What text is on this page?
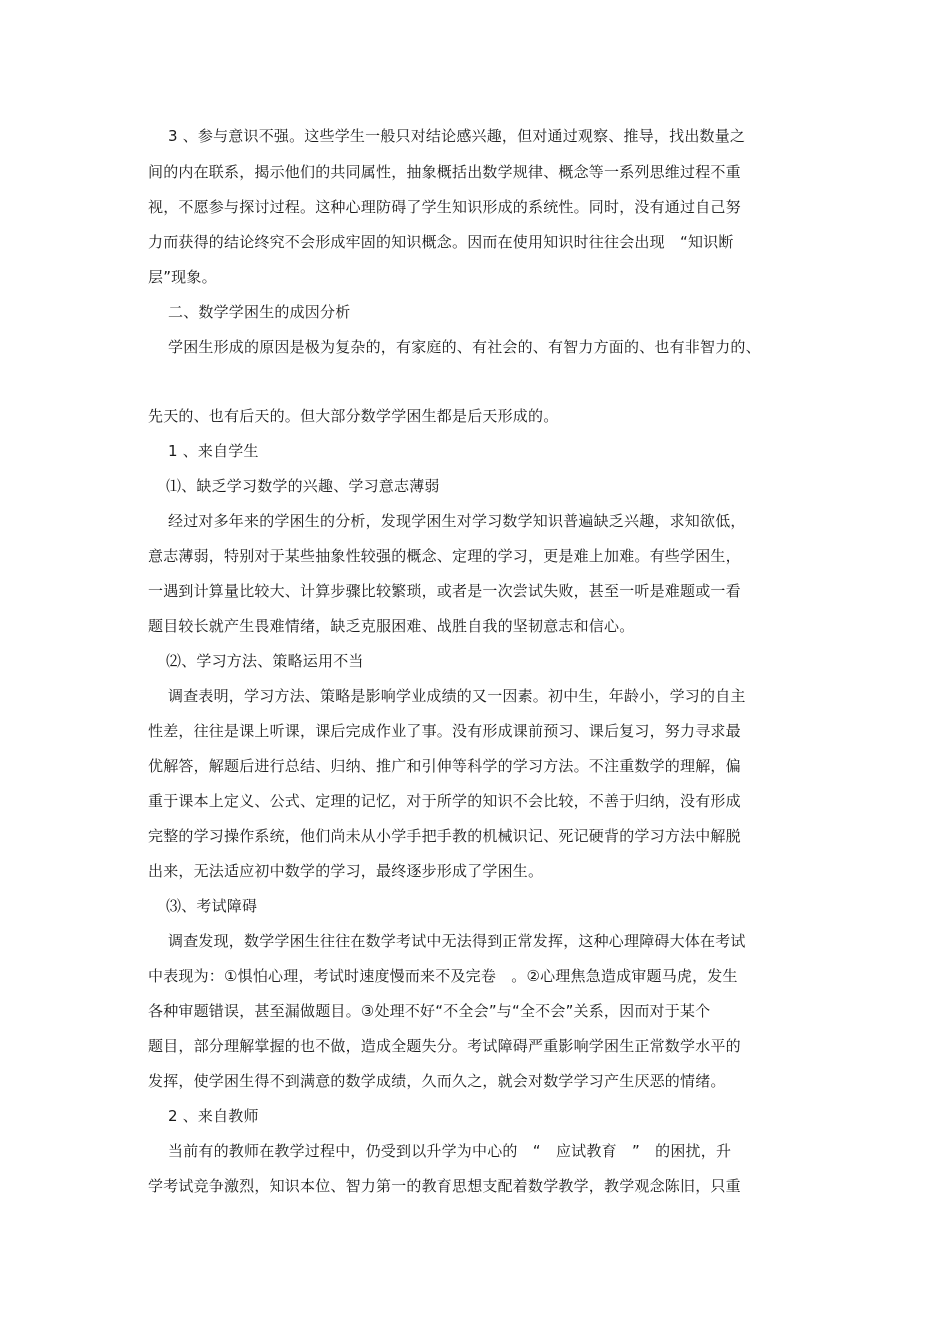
3 、参与意识不强。这些学生一般只对结论感兴趣，但对通过观察、推导，找出数量之
间的内在联系，揭示他们的共同属性，抽象概括出数学规律、概念等一系列思维过程不重
视，不愿参与探讨过程。这种心理防碍了学生知识形成的系统性。同时，没有通过自己努
力而获得的结论终究不会形成牢固的知识概念。因而在使用知识时往往会出现　“知识断
层”现象。
二、数学学困生的成因分析
学困生形成的原因是极为复杂的，有家庭的、有社会的、有智力方面的、也有非智力的、
先天的、也有后天的。但大部分数学学困生都是后天形成的。
1 、来自学生
⑴、缺乏学习数学的兴趣、学习意志薄弱
经过对多年来的学困生的分析，发现学困生对学习数学知识普遍缺乏兴趣，求知欲低，
意志薄弱，特别对于某些抽象性较强的概念、定理的学习，更是难上加难。有些学困生，
一遇到计算量比较大、计算步骤比较繁琐，或者是一次尝试失败，甚至一听是难题或一看
题目较长就产生畏难情绪，缺乏克服困难、战胜自我的坚韧意志和信心。
⑵、学习方法、策略运用不当
调查表明，学习方法、策略是影响学业成绩的又一因素。初中生，年龄小，学习的自主
性差，往往是课上听课，课后完成作业了事。没有形成课前预习、课后复习，努力寻求最
优解答，解题后进行总结、归纳、推广和引伸等科学的学习方法。不注重数学的理解，偏
重于课本上定义、公式、定理的记忆，对于所学的知识不会比较，不善于归纳，没有形成
完整的学习操作系统，他们尚未从小学手把手教的机械识记、死记硬背的学习方法中解脱
出来，无法适应初中数学的学习，最终逐步形成了学困生。
⑶、考试障碍
调查发现，数学学困生往往在数学考试中无法得到正常发挥，这种心理障碍大体在考试
中表现为：①惧怕心理，考试时速度慢而来不及完卷　。②心理焦急造成审题马虎，发生
各种审题错误，甚至漏做题目。③处理不好“不全会”与“全不会”关系，因而对于某个
题目，部分理解掌握的也不做，造成全题失分。考试障碍严重影响学困生正常数学水平的
发挥，使学困生得不到满意的数学成绩，久而久之，就会对数学学习产生厌恶的情绪。
2 、来自教师
当前有的教师在教学过程中，仍受到以升学为中心的　“　应试教育　”　的困扰，升
学考试竞争激烈，知识本位、智力第一的教育思想支配着数学教学，教学观念陈旧，只重
